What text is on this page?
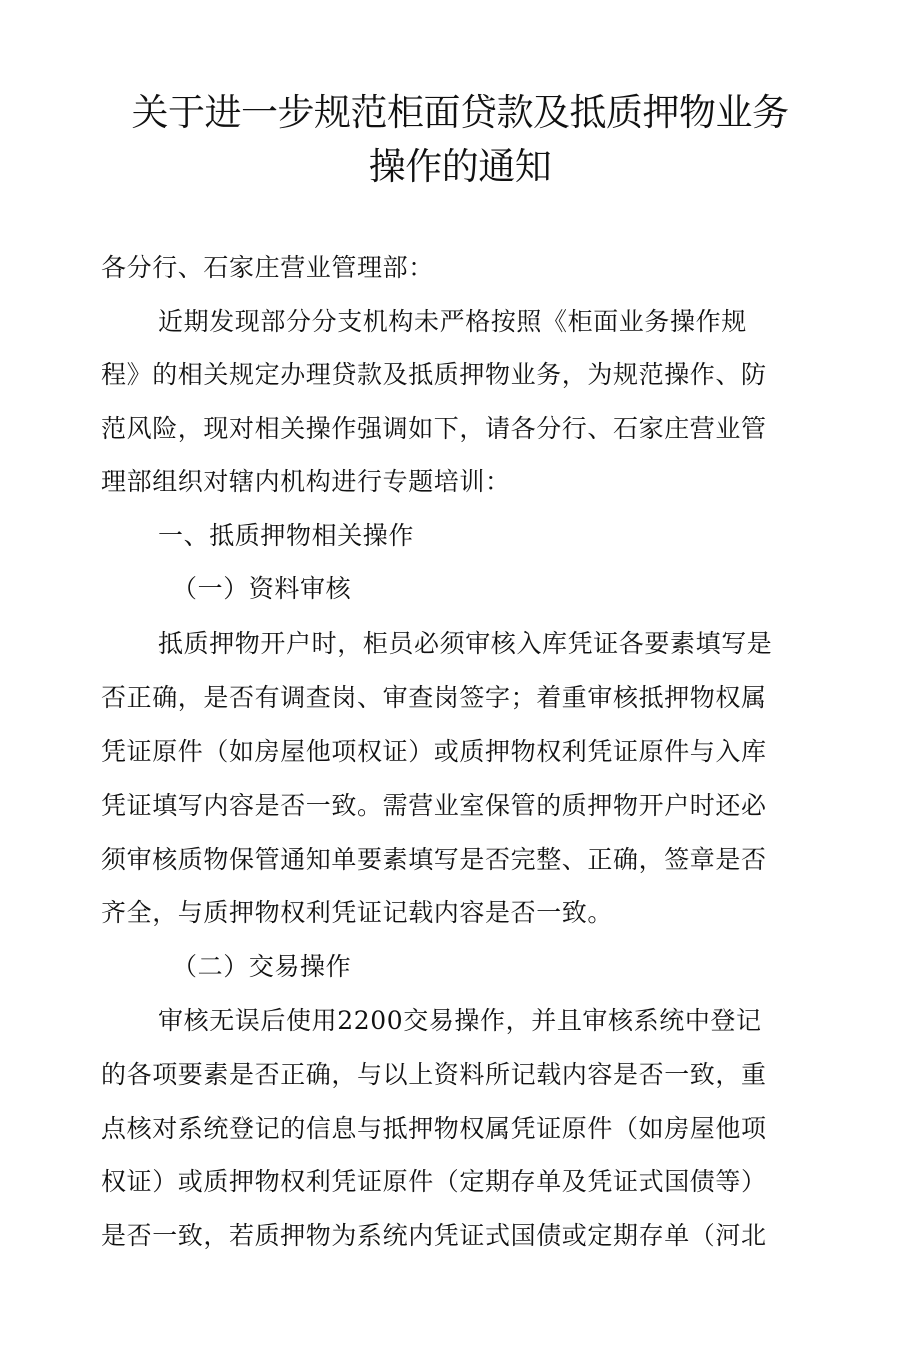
关于进一步规范柜面贷款及抵质押物业务
操作的通知
各分行、石家庄营业管理部：
近期发现部分分支机构未严格按照《柜面业务操作规
程》的相关规定办理贷款及抵质押物业务，为规范操作、防
范风险，现对相关操作强调如下，请各分行、石家庄营业管
理部组织对辖内机构进行专题培训：
一、抵质押物相关操作
（一）资料审核
抵质押物开户时，柜员必须审核入库凭证各要素填写是
否正确，是否有调查岗、审查岗签字；着重审核抵押物权属
凭证原件（如房屋他项权证）或质押物权利凭证原件与入库
凭证填写内容是否一致。需营业室保管的质押物开户时还必
须审核质物保管通知单要素填写是否完整、正确，签章是否
齐全，与质押物权利凭证记载内容是否一致。
（二）交易操作
审核无误后使用2200交易操作，并且审核系统中登记
的各项要素是否正确，与以上资料所记载内容是否一致，重
点核对系统登记的信息与抵押物权属凭证原件（如房屋他项
权证）或质押物权利凭证原件（定期存单及凭证式国债等）
是否一致，若质押物为系统内凭证式国债或定期存单（河北
